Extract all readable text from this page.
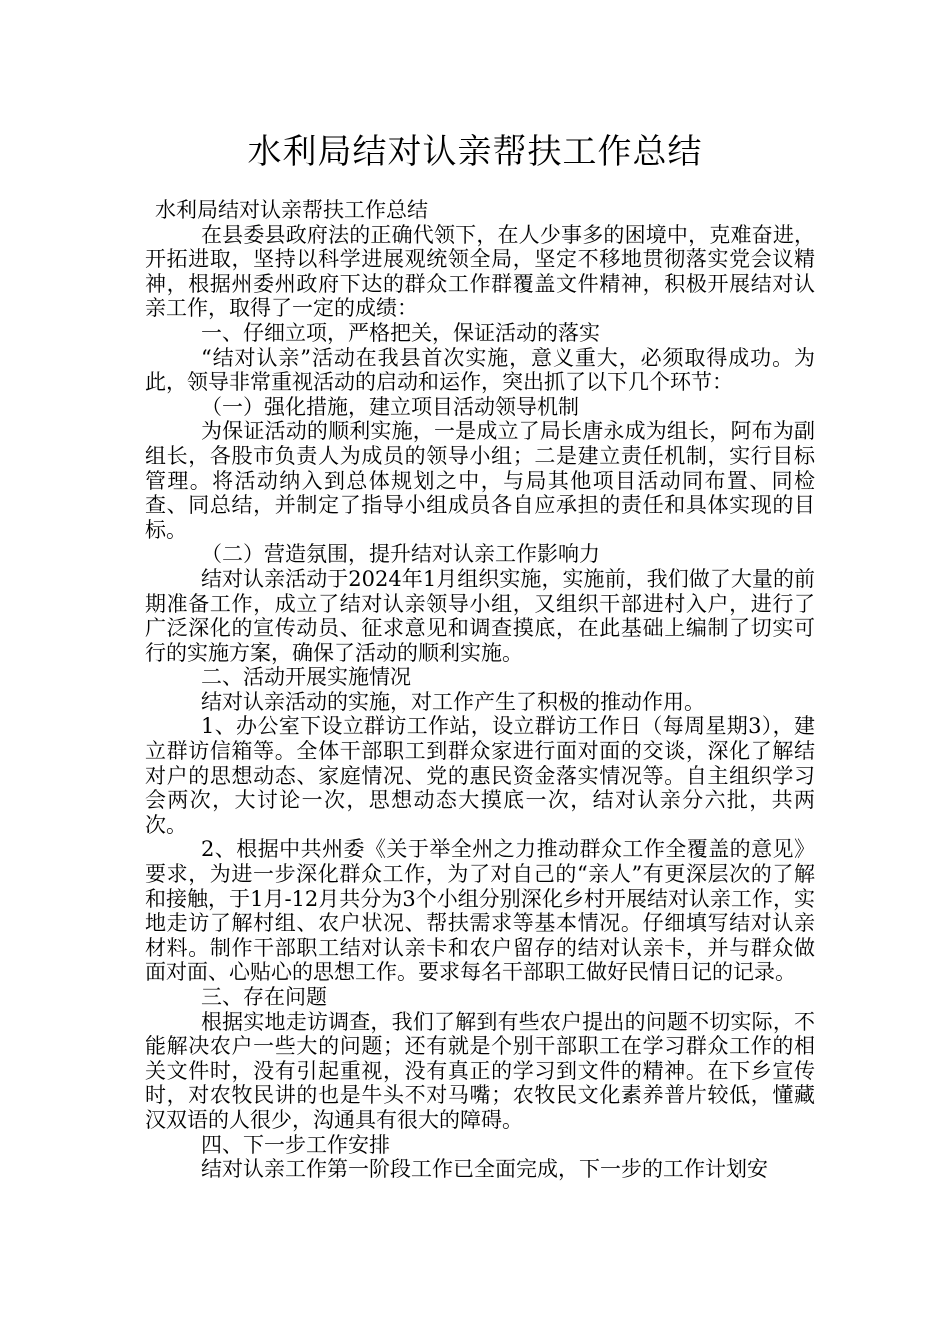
水利局结对认亲帮扶工作总结

水利局结对认亲帮扶工作总结

在县委县政府法的正确代领下，在人少事多的困境中，克难奋进，开拓进取，坚持以科学进展观统领全局，坚定不移地贯彻落实党会议精神，根据州委州政府下达的群众工作群覆盖文件精神，积极开展结对认亲工作，取得了一定的成绩：

一、仔细立项，严格把关，保证活动的落实

“结对认亲”活动在我县首次实施，意义重大，必须取得成功。为此，领导非常重视活动的启动和运作，突出抓了以下几个环节：

（一）强化措施，建立项目活动领导机制

为保证活动的顺利实施，一是成立了局长唐永成为组长，阿布为副组长，各股市负责人为成员的领导小组；二是建立责任机制，实行目标管理。将活动纳入到总体规划之中，与局其他项目活动同布置、同检查、同总结，并制定了指导小组成员各自应承担的责任和具体实现的目标。

（二）营造氛围，提升结对认亲工作影响力

结对认亲活动于2024年1月组织实施，实施前，我们做了大量的前期准备工作，成立了结对认亲领导小组，又组织干部进村入户，进行了广泛深化的宣传动员、征求意见和调查摸底，在此基础上编制了切实可行的实施方案，确保了活动的顺利实施。

二、活动开展实施情况

结对认亲活动的实施，对工作产生了积极的推动作用。

1、办公室下设立群访工作站，设立群访工作日（每周星期3），建立群访信箱等。全体干部职工到群众家进行面对面的交谈，深化了解结对户的思想动态、家庭情况、党的惠民资金落实情况等。自主组织学习会两次，大讨论一次，思想动态大摸底一次，结对认亲分六批，共两次。

2、根据中共州委《关于举全州之力推动群众工作全覆盖的意见》要求，为进一步深化群众工作，为了对自己的“亲人”有更深层次的了解和接触，于1月-12月共分为3个小组分别深化乡村开展结对认亲工作，实地走访了解村组、农户状况、帮扶需求等基本情况。仔细填写结对认亲材料。制作干部职工结对认亲卡和农户留存的结对认亲卡，并与群众做面对面、心贴心的思想工作。要求每名干部职工做好民情日记的记录。

三、存在问题

根据实地走访调查，我们了解到有些农户提出的问题不切实际，不能解决农户一些大的问题；还有就是个别干部职工在学习群众工作的相关文件时，没有引起重视，没有真正的学习到文件的精神。在下乡宣传时，对农牧民讲的也是牛头不对马嘴；农牧民文化素养普片较低，懂藏汉双语的人很少，沟通具有很大的障碍。

四、下一步工作安排

结对认亲工作第一阶段工作已全面完成，下一步的工作计划安
